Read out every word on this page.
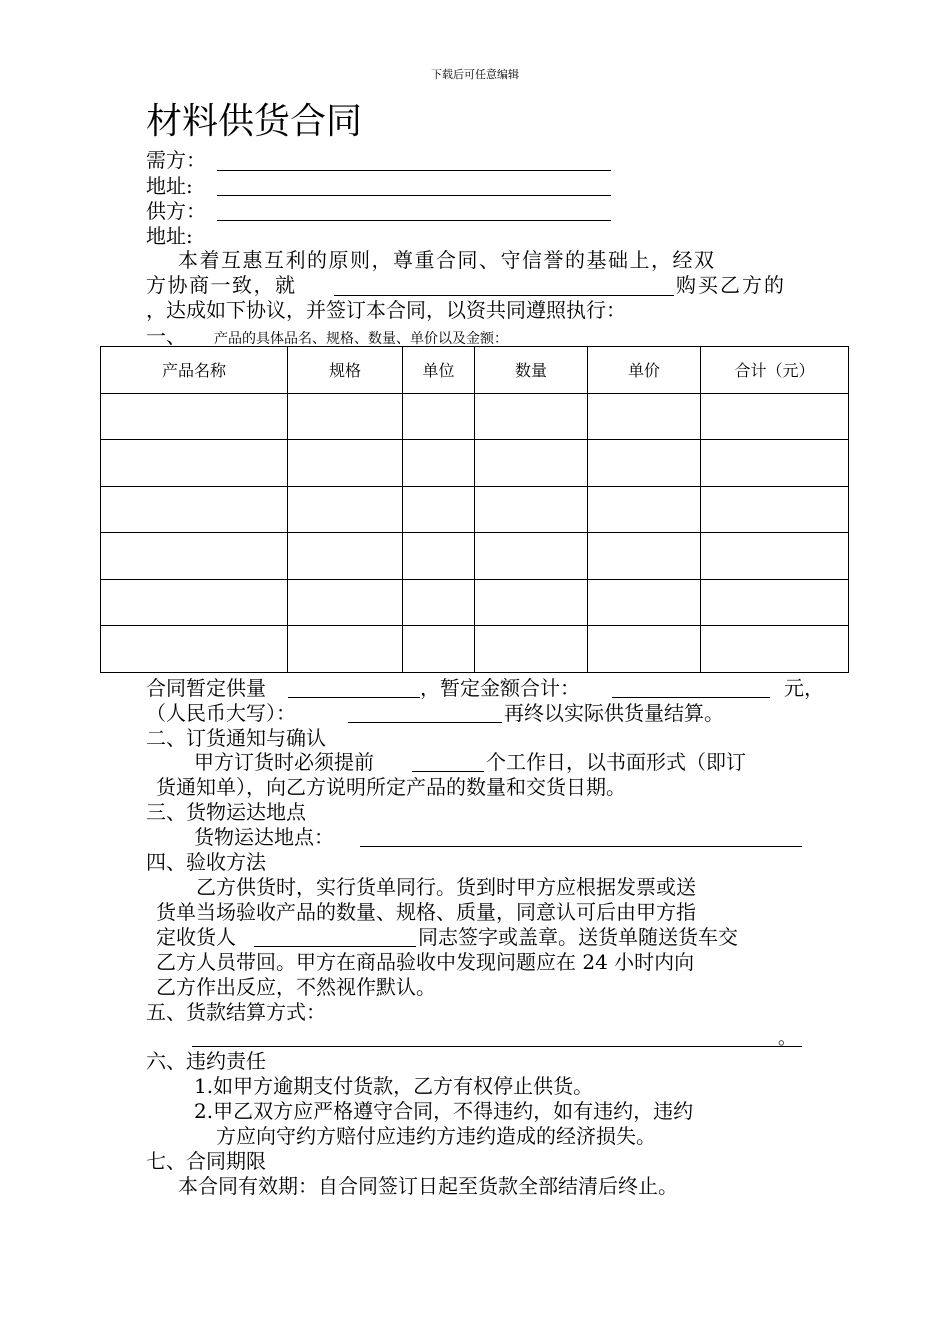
下载后可任意编辑
材料供货合同
需方：
地址:
供方：
地址:
本着互惠互利的原则，尊重合同、守信誉的基础上，经双
方协商一致，就	购买乙方的
，达成如下协议，并签订本合同，以资共同遵照执行：
一、 产品的具体品名、规格、数量、单价以及金额：
产品名称	规格	单位	数量	单价	合计（元）

合同暂定供量	，暂定金额合计：	元，
（人民币大写）：	再终以实际供货量结算。
二、订货通知与确认
甲方订货时必须提前	个工作日，以书面形式（即订
货通知单），向乙方说明所定产品的数量和交货日期。
三、货物运达地点
货物运达地点：
四、验收方法
乙方供货时，实行货单同行。货到时甲方应根据发票或送
货单当场验收产品的数量、规格、质量，同意认可后由甲方指
定收货人	同志签字或盖章。送货单随送货车交
乙方人员带回。甲方在商品验收中发现问题应在 24 小时内向
乙方作出反应，不然视作默认。
五、货款结算方式：
。
六、违约责任
1.如甲方逾期支付货款，乙方有权停止供货。
2.甲乙双方应严格遵守合同，不得违约，如有违约，违约
方应向守约方赔付应违约方违约造成的经济损失。
七、合同期限
本合同有效期：自合同签订日起至货款全部结清后终止。
